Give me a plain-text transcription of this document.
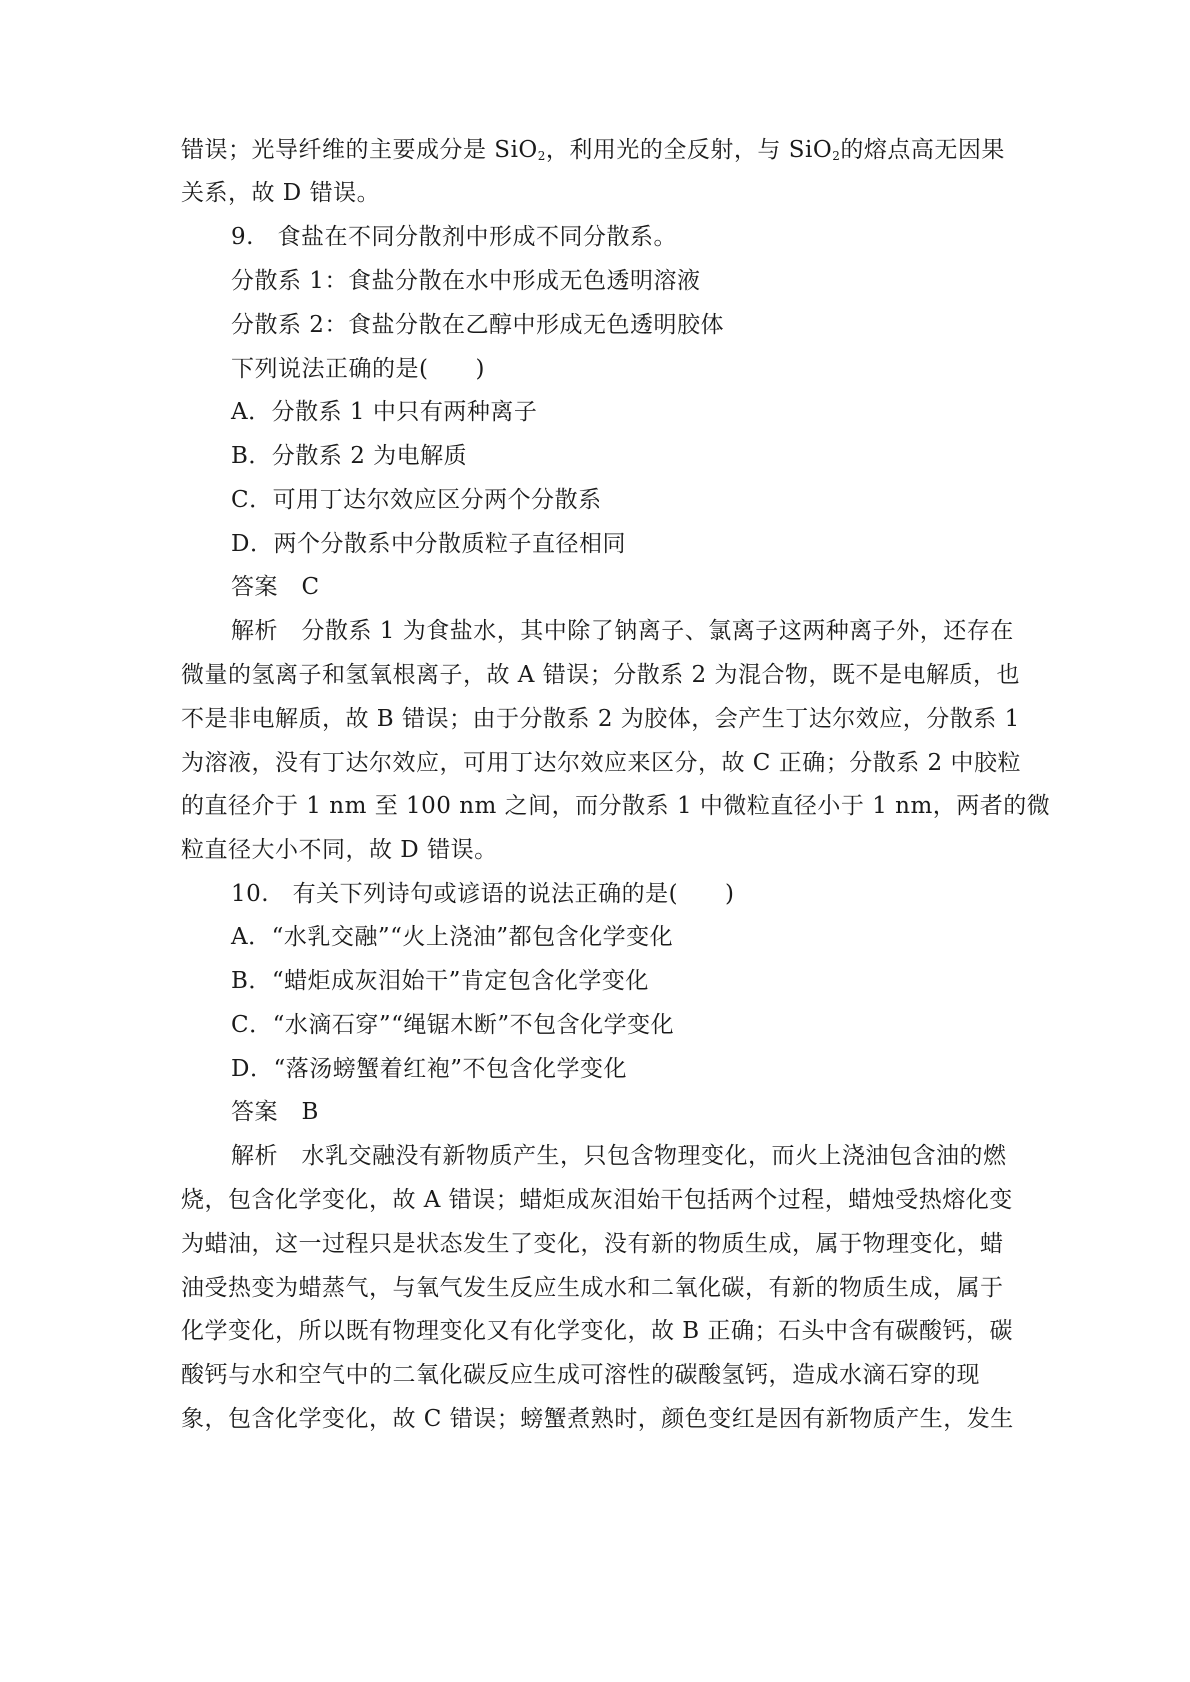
错误；光导纤维的主要成分是 SiO$_2$，利用光的全反射，与 SiO$_2$的熔点高无因果
关系，故 D 错误。
9.　食盐在不同分散剂中形成不同分散系。
分散系 1：食盐分散在水中形成无色透明溶液
分散系 2：食盐分散在乙醇中形成无色透明胶体
下列说法正确的是(　　)
A．分散系 1 中只有两种离子
B．分散系 2 为电解质
C．可用丁达尔效应区分两个分散系
D．两个分散系中分散质粒子直径相同
答案　C
解析　分散系 1 为食盐水，其中除了钠离子、氯离子这两种离子外，还存在
微量的氢离子和氢氧根离子，故 A 错误；分散系 2 为混合物，既不是电解质，也
不是非电解质，故 B 错误；由于分散系 2 为胶体，会产生丁达尔效应，分散系 1
为溶液，没有丁达尔效应，可用丁达尔效应来区分，故 C 正确；分散系 2 中胶粒
的直径介于 1 nm 至 100 nm 之间，而分散系 1 中微粒直径小于 1 nm，两者的微
粒直径大小不同，故 D 错误。
10.　有关下列诗句或谚语的说法正确的是(　　)
A．“水乳交融”“火上浇油”都包含化学变化
B．“蜡炬成灰泪始干”肯定包含化学变化
C．“水滴石穿”“绳锯木断”不包含化学变化
D．“落汤螃蟹着红袍”不包含化学变化
答案　B
解析　水乳交融没有新物质产生，只包含物理变化，而火上浇油包含油的燃
烧，包含化学变化，故 A 错误；蜡炬成灰泪始干包括两个过程，蜡烛受热熔化变
为蜡油，这一过程只是状态发生了变化，没有新的物质生成，属于物理变化，蜡
油受热变为蜡蒸气，与氧气发生反应生成水和二氧化碳，有新的物质生成，属于
化学变化，所以既有物理变化又有化学变化，故 B 正确；石头中含有碳酸钙，碳
酸钙与水和空气中的二氧化碳反应生成可溶性的碳酸氢钙，造成水滴石穿的现
象，包含化学变化，故 C 错误；螃蟹煮熟时，颜色变红是因有新物质产生，发生
